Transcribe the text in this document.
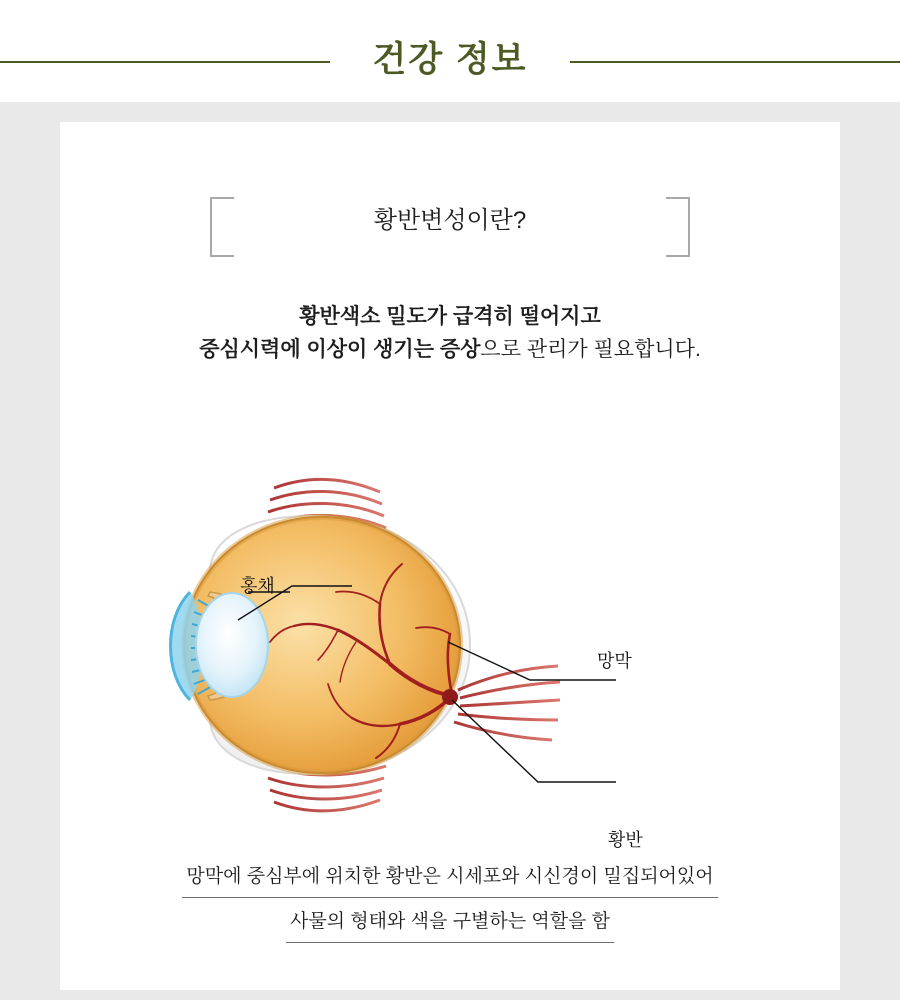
건강 정보
황반변성이란?
황반색소 밀도가 급격히 떨어지고
중심시력에 이상이 생기는 증상으로 관리가 필요합니다.
홍채
망막
황반
망막에 중심부에 위치한 황반은 시세포와 시신경이 밀집되어있어
사물의 형태와 색을 구별하는 역할을 함
